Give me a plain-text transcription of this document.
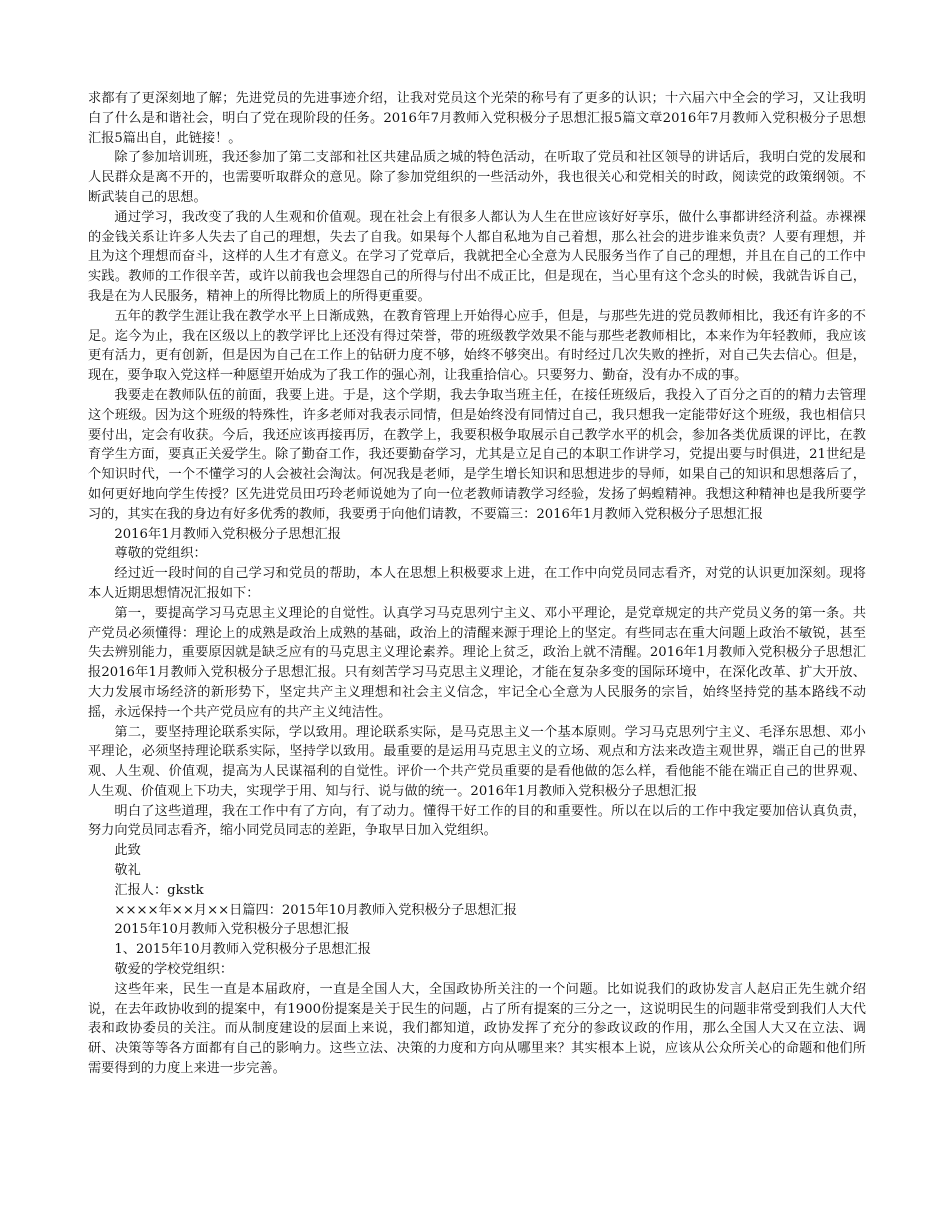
求都有了更深刻地了解；先进党员的先进事迹介绍，让我对党员这个光荣的称号有了更多的认识；十六届六中全会的学习，又让我明白了什么是和谐社会，明白了党在现阶段的任务。2016年7月教师入党积极分子思想汇报5篇文章2016年7月教师入党积极分子思想汇报5篇出自，此链接！。

除了参加培训班，我还参加了第二支部和社区共建品质之城的特色活动，在听取了党员和社区领导的讲话后，我明白党的发展和人民群众是离不开的，也需要听取群众的意见。除了参加党组织的一些活动外，我也很关心和党相关的时政，阅读党的政策纲领。不断武装自己的思想。

通过学习，我改变了我的人生观和价值观。现在社会上有很多人都认为人生在世应该好好享乐，做什么事都讲经济利益。赤裸裸的金钱关系让许多人失去了自己的理想，失去了自我。如果每个人都自私地为自己着想，那么社会的进步谁来负责？人要有理想，并且为这个理想而奋斗，这样的人生才有意义。在学习了党章后，我就把全心全意为人民服务当作了自己的理想，并且在自己的工作中实践。教师的工作很辛苦，或许以前我也会埋怨自己的所得与付出不成正比，但是现在，当心里有这个念头的时候，我就告诉自己，我是在为人民服务，精神上的所得比物质上的所得更重要。

五年的教学生涯让我在教学水平上日渐成熟，在教育管理上开始得心应手，但是，与那些先进的党员教师相比，我还有许多的不足。迄今为止，我在区级以上的教学评比上还没有得过荣誉，带的班级教学效果不能与那些老教师相比，本来作为年轻教师，我应该更有活力，更有创新，但是因为自己在工作上的钻研力度不够，始终不够突出。有时经过几次失败的挫折，对自己失去信心。但是，现在，要争取入党这样一种愿望开始成为了我工作的强心剂，让我重拾信心。只要努力、勤奋，没有办不成的事。

我要走在教师队伍的前面，我要上进。于是，这个学期，我去争取当班主任，在接任班级后，我投入了百分之百的的精力去管理这个班级。因为这个班级的特殊性，许多老师对我表示同情，但是始终没有同情过自己，我只想我一定能带好这个班级，我也相信只要付出，定会有收获。今后，我还应该再接再厉，在教学上，我要积极争取展示自己教学水平的机会，参加各类优质课的评比，在教育学生方面，要真正关爱学生。除了勤奋工作，我还要勤奋学习，尤其是立足自己的本职工作讲学习，党提出要与时俱进，21世纪是个知识时代，一个不懂学习的人会被社会淘汰。何况我是老师，是学生增长知识和思想进步的导师，如果自己的知识和思想落后了，如何更好地向学生传授？区先进党员田巧玲老师说她为了向一位老教师请教学习经验，发扬了蚂蝗精神。我想这种精神也是我所要学习的，其实在我的身边有好多优秀的教师，我要勇于向他们请教，不要篇三：2016年1月教师入党积极分子思想汇报

2016年1月教师入党积极分子思想汇报

尊敬的党组织：

经过近一段时间的自己学习和党员的帮助，本人在思想上积极要求上进，在工作中向党员同志看齐，对党的认识更加深刻。现将本人近期思想情况汇报如下：

第一，要提高学习马克思主义理论的自觉性。认真学习马克思列宁主义、邓小平理论，是党章规定的共产党员义务的第一条。共产党员必须懂得：理论上的成熟是政治上成熟的基础，政治上的清醒来源于理论上的坚定。有些同志在重大问题上政治不敏锐，甚至失去辨别能力，重要原因就是缺乏应有的马克思主义理论素养。理论上贫乏，政治上就不清醒。2016年1月教师入党积极分子思想汇报2016年1月教师入党积极分子思想汇报。只有刻苦学习马克思主义理论，才能在复杂多变的国际环境中，在深化改革、扩大开放、大力发展市场经济的新形势下，坚定共产主义理想和社会主义信念，牢记全心全意为人民服务的宗旨，始终坚持党的基本路线不动摇，永远保持一个共产党员应有的共产主义纯洁性。

第二，要坚持理论联系实际，学以致用。理论联系实际，是马克思主义一个基本原则。学习马克思列宁主义、毛泽东思想、邓小平理论，必须坚持理论联系实际，坚持学以致用。最重要的是运用马克思主义的立场、观点和方法来改造主观世界，端正自己的世界观、人生观、价值观，提高为人民谋福利的自觉性。评价一个共产党员重要的是看他做的怎么样，看他能不能在端正自己的世界观、人生观、价值观上下功夫，实现学于用、知与行、说与做的统一。2016年1月教师入党积极分子思想汇报

明白了这些道理，我在工作中有了方向，有了动力。懂得干好工作的目的和重要性。所以在以后的工作中我定要加倍认真负责，努力向党员同志看齐，缩小同党员同志的差距，争取早日加入党组织。

此致

敬礼

汇报人：gkstk

××××年××月××日篇四：2015年10月教师入党积极分子思想汇报

2015年10月教师入党积极分子思想汇报

1、2015年10月教师入党积极分子思想汇报

敬爱的学校党组织：

这些年来，民生一直是本届政府，一直是全国人大，全国政协所关注的一个问题。比如说我们的政协发言人赵启正先生就介绍说，在去年政协收到的提案中，有1900份提案是关于民生的问题，占了所有提案的三分之一，这说明民生的问题非常受到我们人大代表和政协委员的关注。而从制度建设的层面上来说，我们都知道，政协发挥了充分的参政议政的作用，那么全国人大又在立法、调研、决策等等各方面都有自己的影响力。这些立法、决策的力度和方向从哪里来？其实根本上说，应该从公众所关心的命题和他们所需要得到的力度上来进一步完善。
